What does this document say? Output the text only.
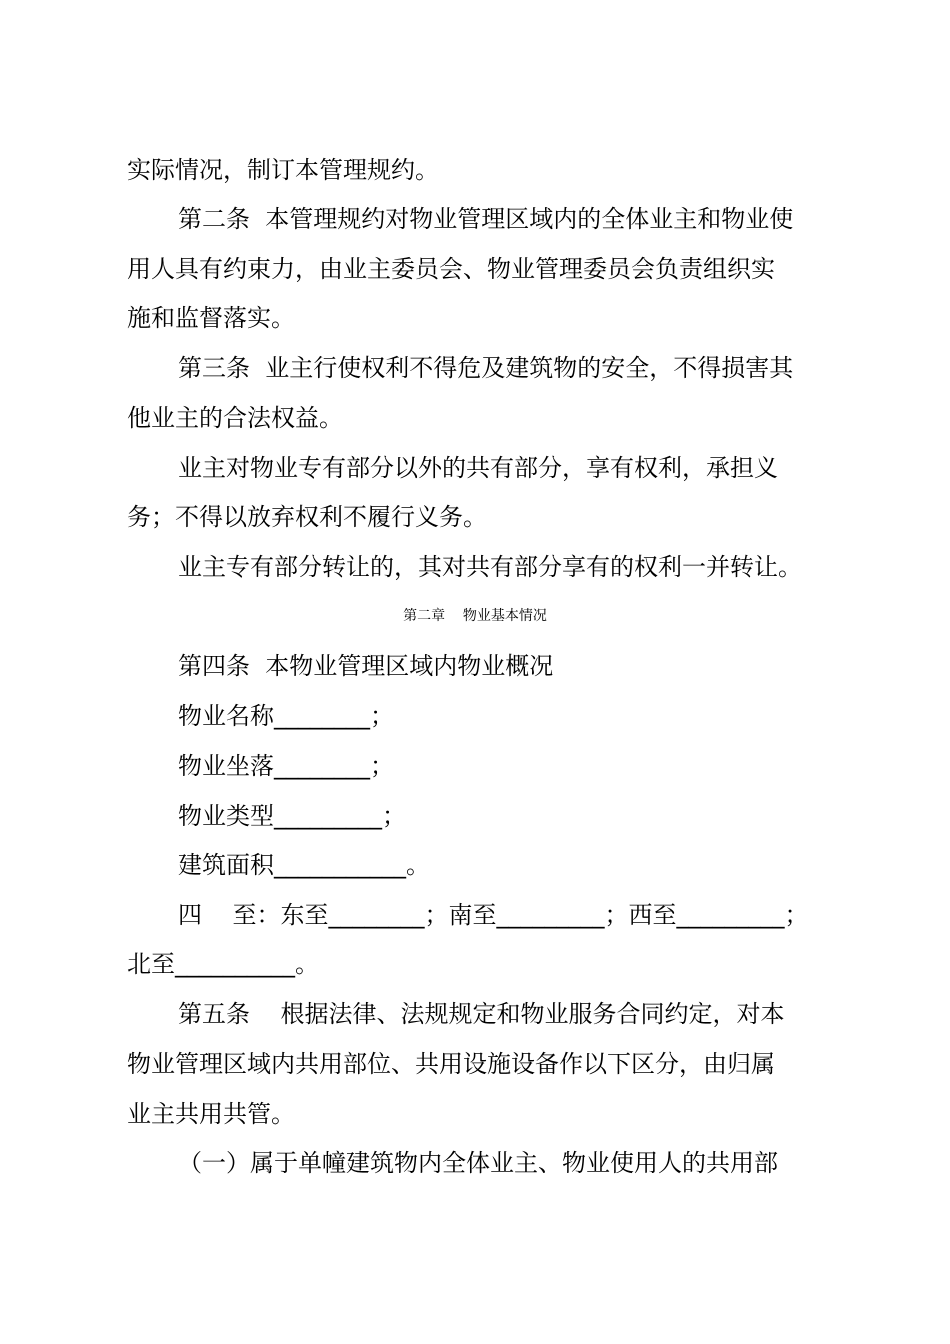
实际情况，制订本管理规约。
第二条  本管理规约对物业管理区域内的全体业主和物业使
用人具有约束力，由业主委员会、物业管理委员会负责组织实
施和监督落实。
第三条  业主行使权利不得危及建筑物的安全，不得损害其
他业主的合法权益。
业主对物业专有部分以外的共有部分，享有权利，承担义
务；不得以放弃权利不履行义务。
业主专有部分转让的，其对共有部分享有的权利一并转让。
第二章    物业基本情况
第四条  本物业管理区域内物业概况
物业名称________；
物业坐落________；
物业类型_________；
建筑面积___________。
四    至：东至________；南至_________；西至_________；
北至__________。
第五条    根据法律、法规规定和物业服务合同约定，对本
物业管理区域内共用部位、共用设施设备作以下区分，由归属
业主共用共管。
（一）属于单幢建筑物内全体业主、物业使用人的共用部
